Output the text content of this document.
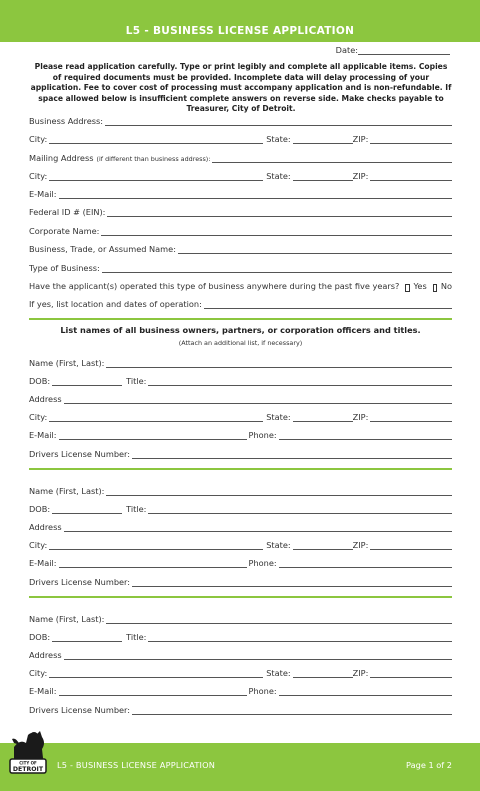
L5 - BUSINESS LICENSE APPLICATION
Date:
Please read application carefully. Type or print legibly and complete all applicable items. Copies of required documents must be provided. Incomplete data will delay processing of your application. Fee to cover cost of processing must accompany application and is non-refundable. If space allowed below is insufficient complete answers on reverse side. Make checks payable to Treasurer, City of Detroit.
Business Address:
City:	State:	ZIP:
Mailing Address (if different than business address):
City:	State:	ZIP:
E-Mail:
Federal ID # (EIN):
Corporate Name:
Business, Trade, or Assumed Name:
Type of Business:
Have the applicant(s) operated this type of business anywhere during the past five years? Yes No
If yes, list location and dates of operation:
List names of all business owners, partners, or corporation officers and titles.
(Attach an additional list, if necessary)
Name (First, Last):
DOB:	Title:
Address
City:	State:	ZIP:
E-Mail:	Phone:
Drivers License Number:
Name (First, Last):
DOB:	Title:
Address
City:	State:	ZIP:
E-Mail:	Phone:
Drivers License Number:
Name (First, Last):
DOB:	Title:
Address
City:	State:	ZIP:
E-Mail:	Phone:
Drivers License Number:
L5 - BUSINESS LICENSE APPLICATION	Page 1 of 2
CITY OF
DETROIT
